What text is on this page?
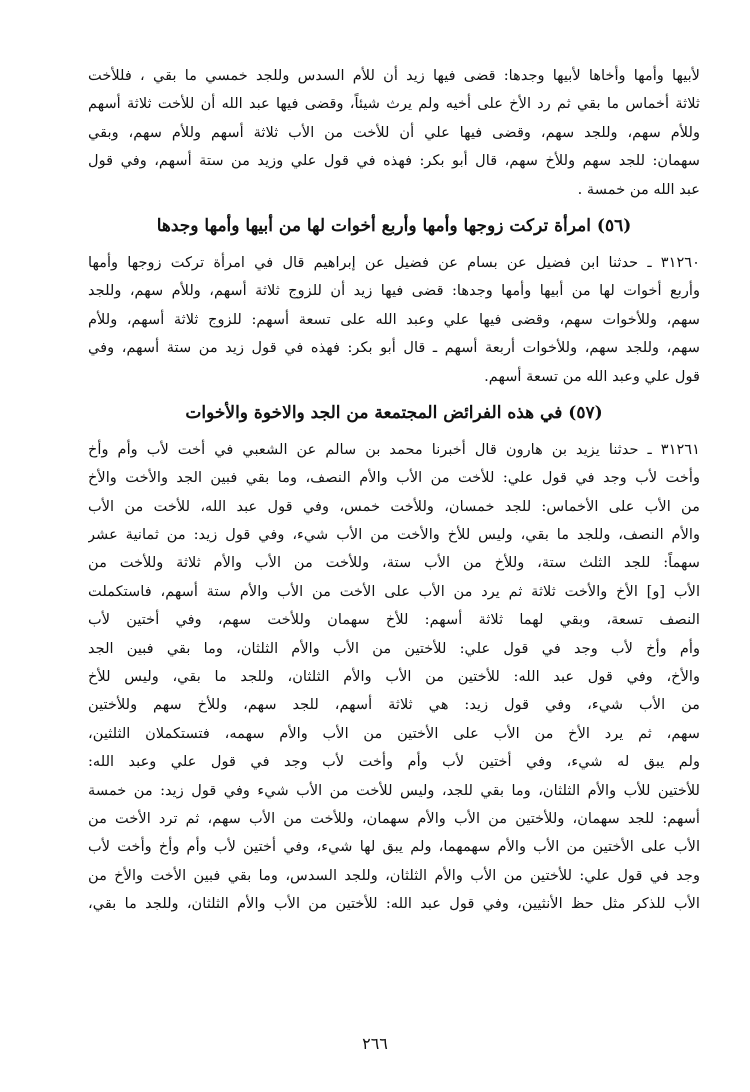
لأبيها وأمها وأخاها لأبيها وجدها: قضى فيها زيد أن للأم السدس وللجد خمسي ما بقي ، فللأخت
ثلاثة أخماس ما بقي ثم رد الأخ على أخيه ولم يرث شيئاً، وقضى فيها عبد الله أن للأخت ثلاثة أسهم
وللأم سهم، وللجد سهم، وقضى فيها علي أن للأخت من الأب ثلاثة أسهم وللأم سهم، وبقي
سهمان: للجد سهم وللأخ سهم، قال أبو بكر: فهذه في قول علي وزيد من ستة أسهم، وفي قول
عبد الله من خمسة .
(٥٦) امرأة تركت زوجها وأمها وأربع أخوات لها من أبيها وأمها وجدها
٣١٢٦٠ ـ حدثنا ابن فضيل عن بسام عن فضيل عن إبراهيم قال في امرأة تركت زوجها وأمها
وأربع أخوات لها من أبيها وأمها وجدها: قضى فيها زيد أن للزوج ثلاثة أسهم، وللأم سهم، وللجد
سهم، وللأخوات سهم، وقضى فيها علي وعبد الله على تسعة أسهم: للزوج ثلاثة أسهم، وللأم
سهم، وللجد سهم، وللأخوات أربعة أسهم ـ قال أبو بكر: فهذه في قول زيد من ستة أسهم، وفي
قول علي وعبد الله من تسعة أسهم.
(٥٧) في هذه الفرائض المجتمعة من الجد والاخوة والأخوات
٣١٢٦١ ـ حدثنا يزيد بن هارون قال أخبرنا محمد بن سالم عن الشعبي في أخت لأب وأم وأخ
وأخت لأب وجد في قول علي: للأخت من الأب والأم النصف، وما بقي فبين الجد والأخت والأخ
من الأب على الأخماس: للجد خمسان، وللأخت خمس، وفي قول عبد الله، للأخت من الأب
والأم النصف، وللجد ما بقي، وليس للأخ والأخت من الأب شيء، وفي قول زيد: من ثمانية عشر
سهماً: للجد الثلث ستة، وللأخ من الأب ستة، وللأخت من الأب والأم ثلاثة وللأخت من
الأب [و] الأخ والأخت ثلاثة ثم يرد من الأب على الأخت من الأب والأم ستة أسهم، فاستكملت
النصف تسعة، وبقي لهما ثلاثة أسهم: للأخ سهمان وللأخت سهم، وفي أختين لأب
وأم وأخ لأب وجد في قول علي: للأختين من الأب والأم الثلثان، وما بقي فبين الجد
والأخ، وفي قول عبد الله: للأختين من الأب والأم الثلثان، وللجد ما بقي، وليس للأخ
من الأب شيء، وفي قول زيد: هي ثلاثة أسهم، للجد سهم، وللأخ سهم وللأختين
سهم، ثم يرد الأخ من الأب على الأختين من الأب والأم سهمه، فتستكملان الثلثين،
ولم يبق له شيء، وفي أختين لأب وأم وأخت لأب وجد في قول علي وعبد الله:
للأختين للأب والأم الثلثان، وما بقي للجد، وليس للأخت من الأب شيء وفي قول زيد: من خمسة
أسهم: للجد سهمان، وللأختين من الأب والأم سهمان، وللأخت من الأب سهم، ثم ترد الأخت من
الأب على الأختين من الأب والأم سهمهما، ولم يبق لها شيء، وفي أختين لأب وأم وأخ وأخت لأب
وجد في قول علي: للأختين من الأب والأم الثلثان، وللجد السدس، وما بقي فبين الأخت والأخ من
الأب للذكر مثل حظ الأنثيين، وفي قول عبد الله: للأختين من الأب والأم الثلثان، وللجد ما بقي،
٢٦٦
